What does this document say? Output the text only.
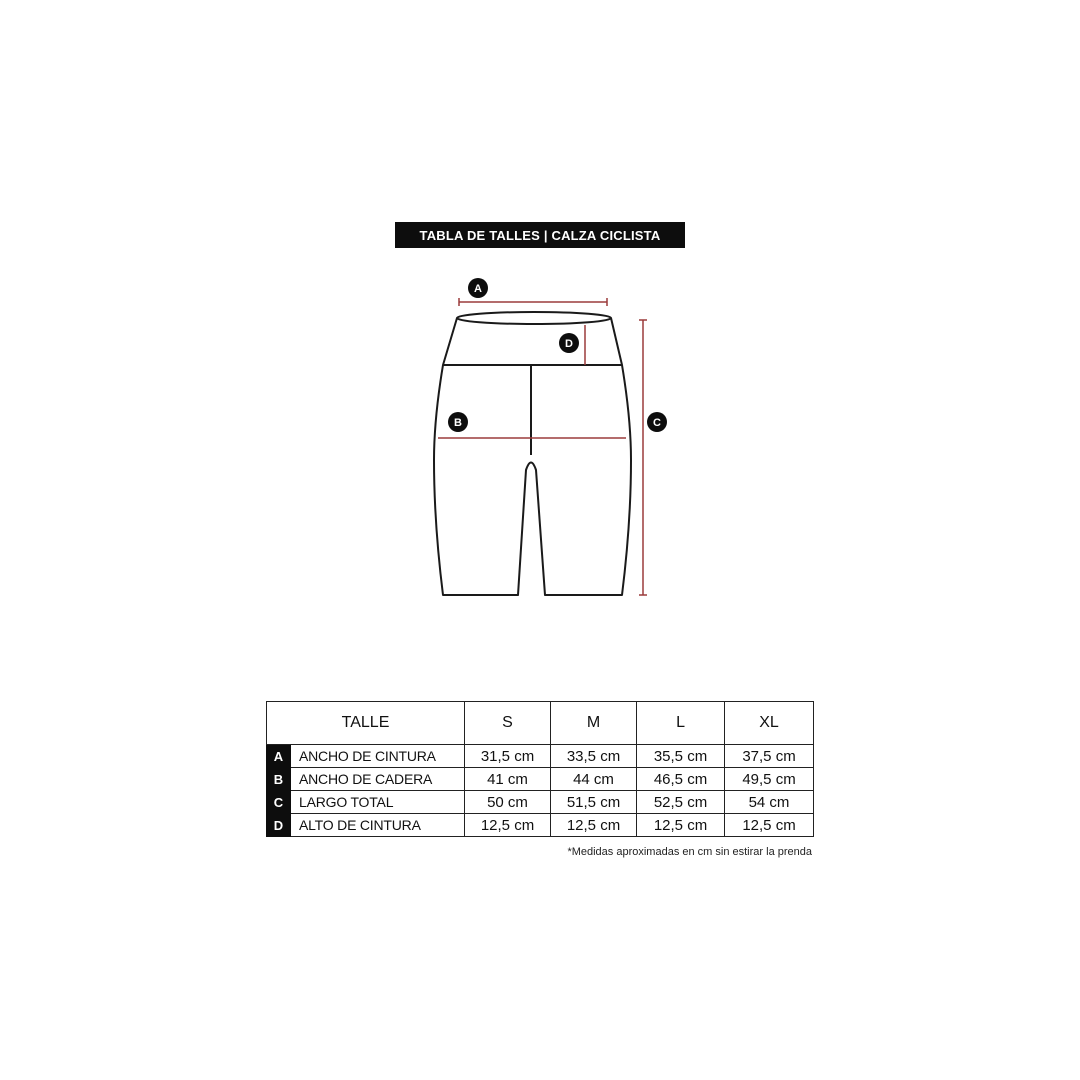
TABLA DE TALLES | CALZA CICLISTA
A
D
B	C
TALLE		S	M	L	XL
A	ANCHO DE CINTURA	31,5 cm	33,5 cm	35,5 cm	37,5 cm
B	ANCHO DE CADERA	41 cm	44 cm	46,5 cm	49,5 cm
C	LARGO TOTAL	50 cm	51,5 cm	52,5 cm	54 cm
D	ALTO DE CINTURA	12,5 cm	12,5 cm	12,5 cm	12,5 cm
*Medidas aproximadas en cm sin estirar la prenda
